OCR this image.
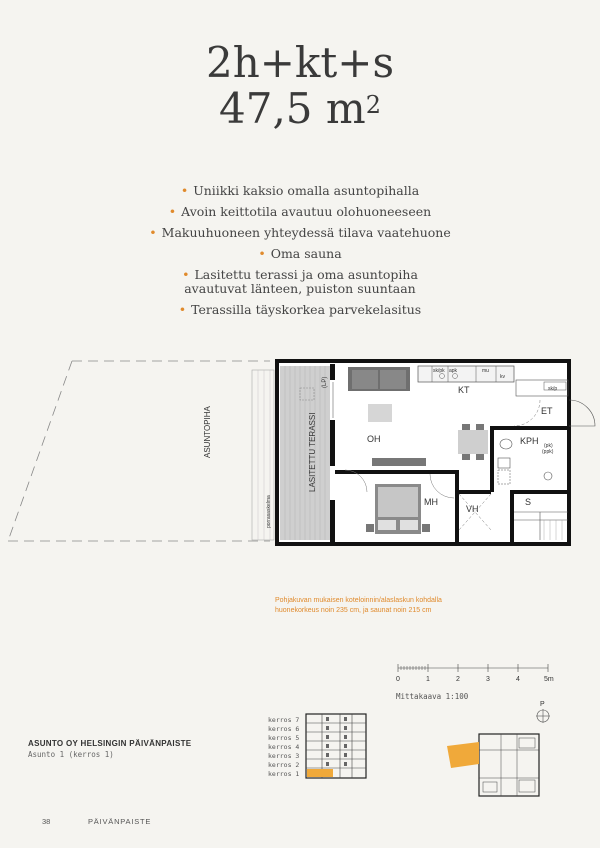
2h+kt+s
47,5 $m^2$
• Uniikki kaksio omalla asuntopihalla
• Avoin keittotila avautuu olohuoneeseen
• Makuuhuoneen yhteydessä tilava vaatehuone
• Oma sauna
• Lasitettu terassi ja oma asuntopiha
avautuvat länteen, puiston suuntaan
• Terassilla täyskorkea parvekelasitus
ASUNTOPIHA
porrasaskelma
LASITETTU TERASSI
(LP)
sk/pk apk	mu
kv
KT	sk/p
ET
OH	KPH (pk)
(ppk)
S
MH
VH
Pohjakuvan mukaisen koteloinnin/alaslaskun kohdalla
huonekorkeus noin 235 cm, ja saunat noin 215 cm
0	1	2	3	4	5m
Mittakaava 1:100
ASUNTO OY HELSINGIN PÄIVÄNPAISTE
Asunto 1 (kerros 1)
kerros 7
kerros 6
kerros 5
kerros 4
kerros 3
kerros 2
kerros 1
P
38	PÄIVÄNPAISTE
